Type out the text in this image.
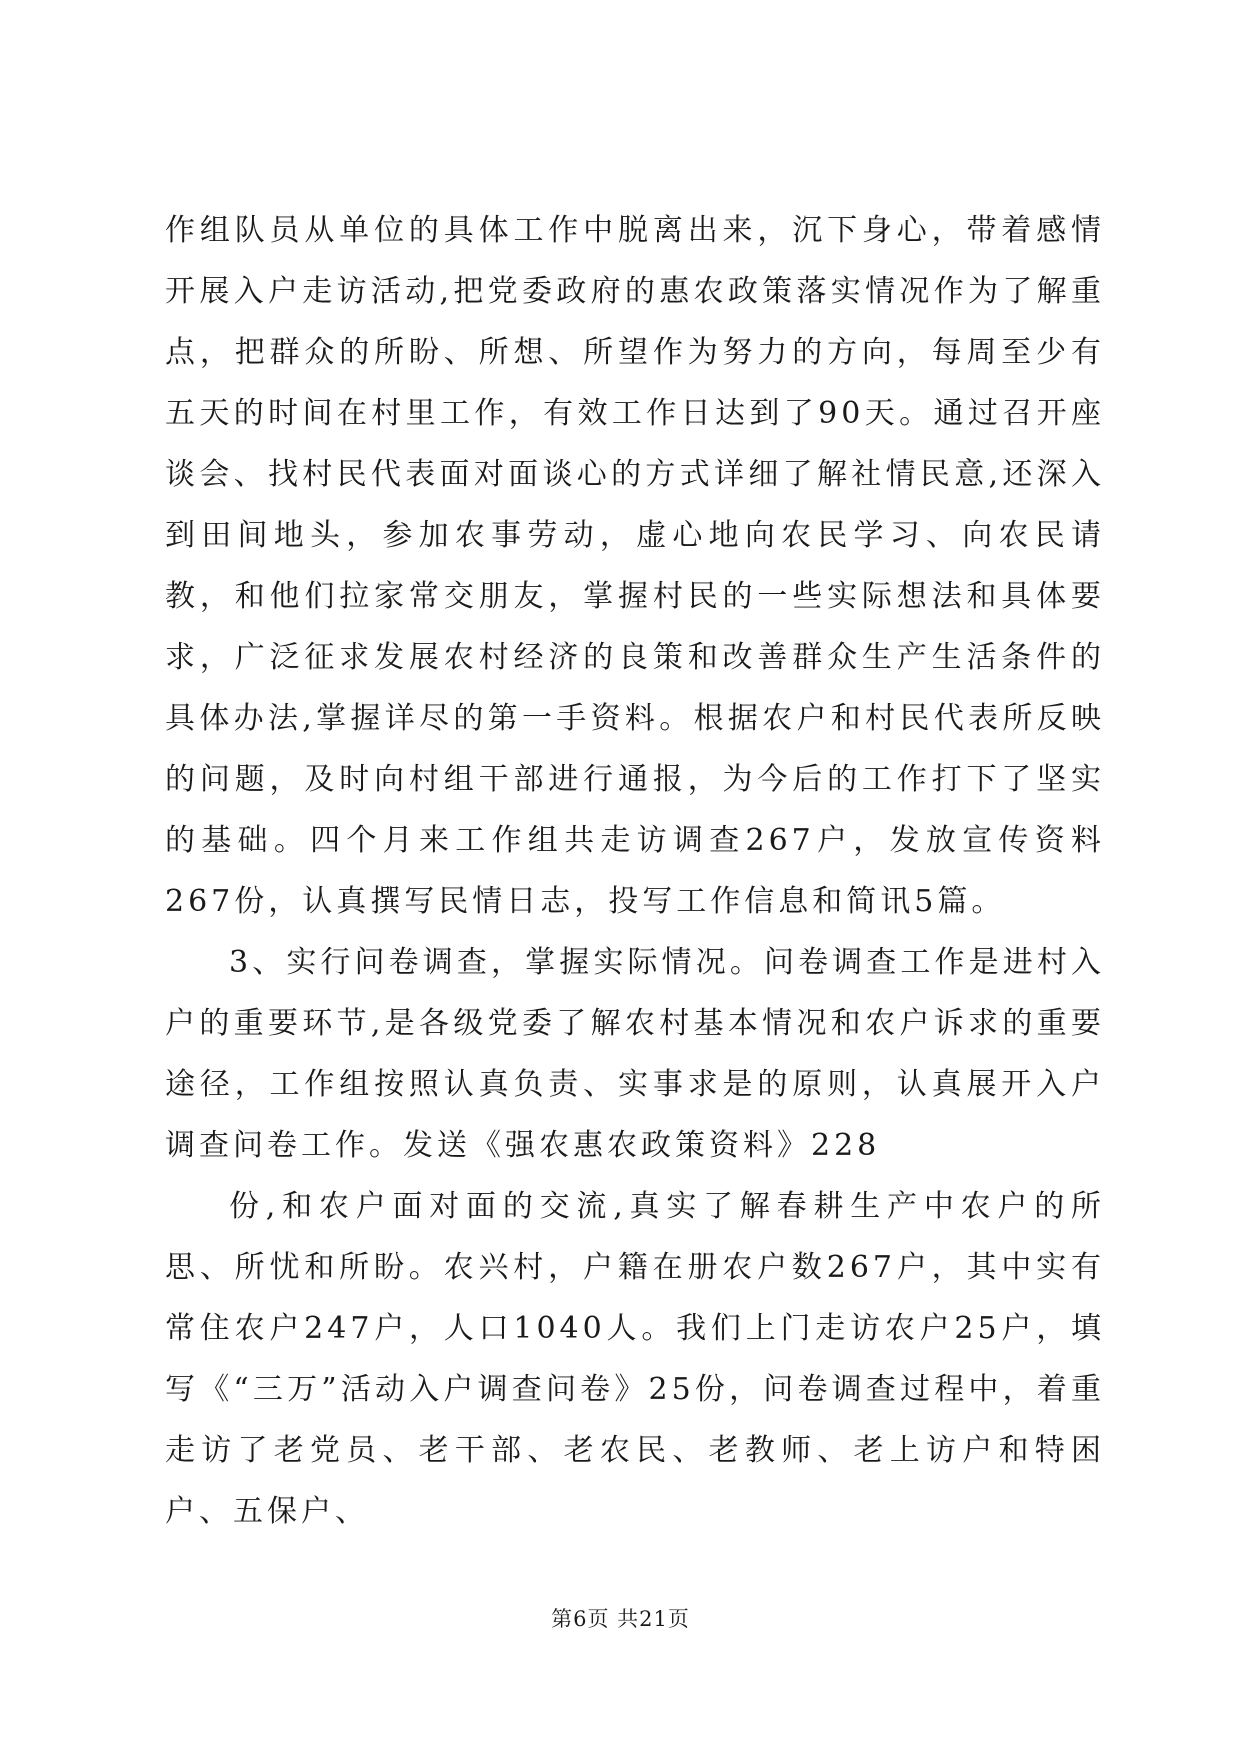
作组队员从单位的具体工作中脱离出来，沉下身心，带着感情开展入户走访活动,把党委政府的惠农政策落实情况作为了解重点，把群众的所盼、所想、所望作为努力的方向，每周至少有五天的时间在村里工作，有效工作日达到了90天。通过召开座谈会、找村民代表面对面谈心的方式详细了解社情民意,还深入到田间地头，参加农事劳动，虚心地向农民学习、向农民请教，和他们拉家常交朋友，掌握村民的一些实际想法和具体要求，广泛征求发展农村经济的良策和改善群众生产生活条件的具体办法,掌握详尽的第一手资料。根据农户和村民代表所反映的问题，及时向村组干部进行通报，为今后的工作打下了坚实的基础。四个月来工作组共走访调查267户，发放宣传资料267份，认真撰写民情日志，投写工作信息和简讯5篇。

3、实行问卷调查，掌握实际情况。问卷调查工作是进村入户的重要环节,是各级党委了解农村基本情况和农户诉求的重要途径，工作组按照认真负责、实事求是的原则，认真展开入户调查问卷工作。发送《强农惠农政策资料》228

份,和农户面对面的交流,真实了解春耕生产中农户的所思、所忧和所盼。农兴村，户籍在册农户数267户，其中实有常住农户247户，人口1040人。我们上门走访农户25户，填写《“三万”活动入户调查问卷》25份，问卷调查过程中，着重走访了老党员、老干部、老农民、老教师、老上访户和特困户、五保户、

第6页 共21页
